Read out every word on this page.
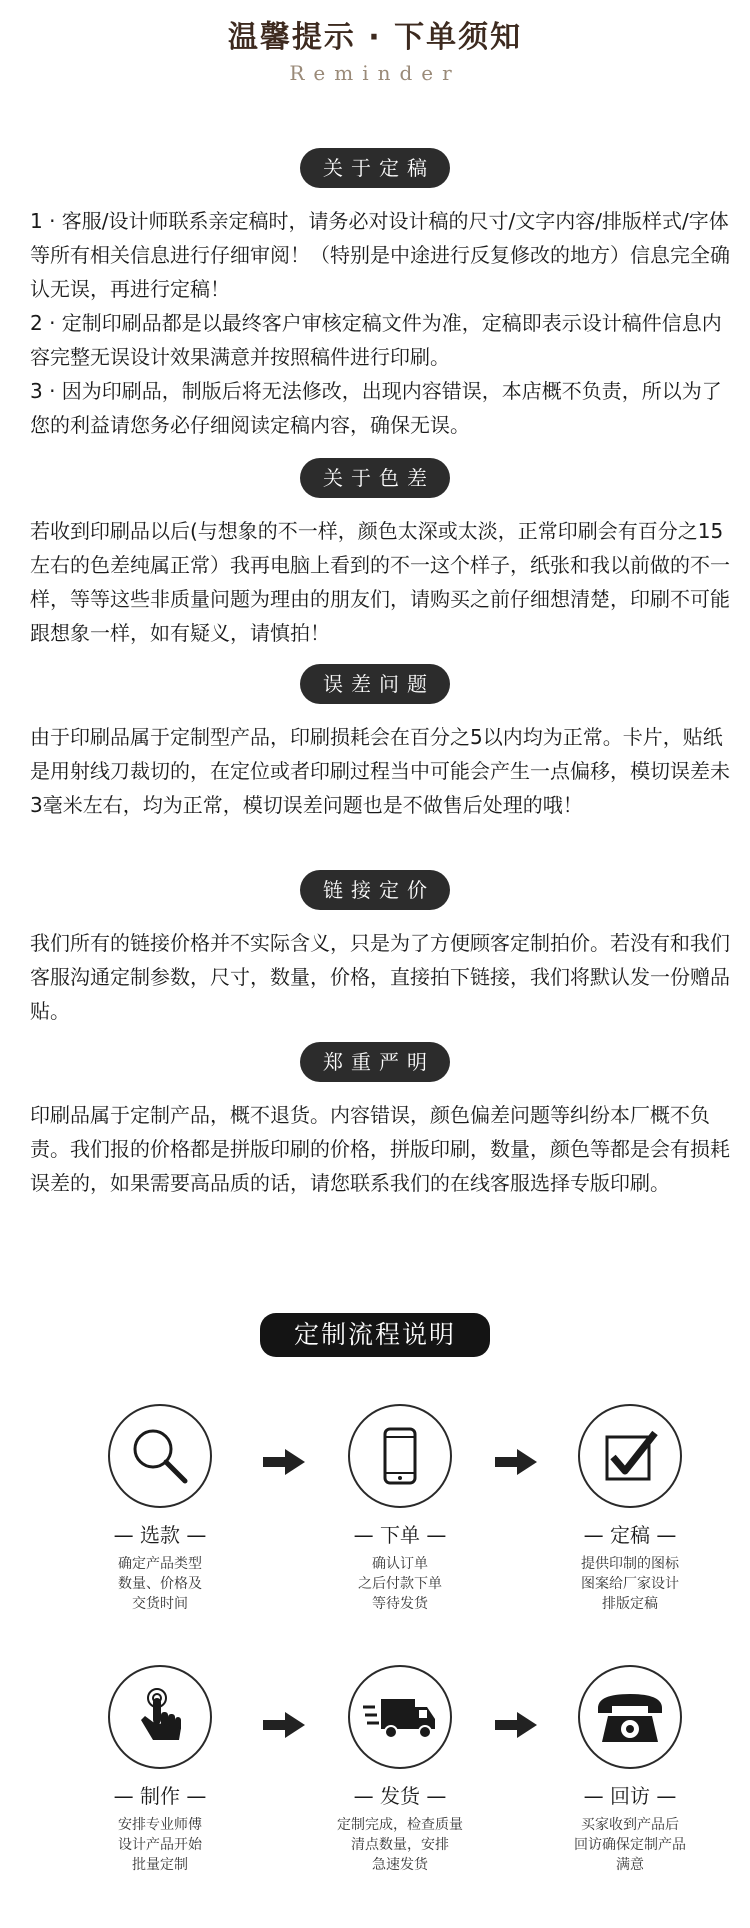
温馨提示 · 下单须知
Reminder
关于定稿

1 · 客服/设计师联系亲定稿时，请务必对设计稿的尺寸/文字内容/排版样式/字体等所有相关信息进行仔细审阅！（特别是中途进行反复修改的地方）信息完全确认无误，再进行定稿！

2 · 定制印刷品都是以最终客户审核定稿文件为准，定稿即表示设计稿件信息内容完整无误设计效果满意并按照稿件进行印刷。

3 · 因为印刷品，制版后将无法修改，出现内容错误，本店概不负责，所以为了您的利益请您务必仔细阅读定稿内容，确保无误。

关于色差

若收到印刷品以后(与想象的不一样，颜色太深或太淡，正常印刷会有百分之15左右的色差纯属正常）我再电脑上看到的不一这个样子，纸张和我以前做的不一样，等等这些非质量问题为理由的朋友们，请购买之前仔细想清楚，印刷不可能跟想象一样，如有疑义，请慎拍！

误差问题

由于印刷品属于定制型产品，印刷损耗会在百分之5以内均为正常。卡片，贴纸是用射线刀裁切的，在定位或者印刷过程当中可能会产生一点偏移，模切误差未3毫米左右，均为正常，模切误差问题也是不做售后处理的哦！

链接定价

我们所有的链接价格并不实际含义，只是为了方便顾客定制拍价。若没有和我们客服沟通定制参数，尺寸，数量，价格，直接拍下链接，我们将默认发一份赠品贴。

郑重严明

印刷品属于定制产品，概不退货。内容错误，颜色偏差问题等纠纷本厂概不负责。我们报的价格都是拼版印刷的价格，拼版印刷，数量，颜色等都是会有损耗误差的，如果需要高品质的话，请您联系我们的在线客服选择专版印刷。

定制流程说明
— 选款 —
确定产品类型
数量、价格及
交货时间
— 下单 —
确认订单
之后付款下单
等待发货
— 定稿 —
提供印制的图标
图案给厂家设计
排版定稿
— 制作 —
安排专业师傅
设计产品开始
批量定制
— 发货 —
定制完成，检查质量
清点数量，安排
急速发货
— 回访 —
买家收到产品后
回访确保定制产品
满意
